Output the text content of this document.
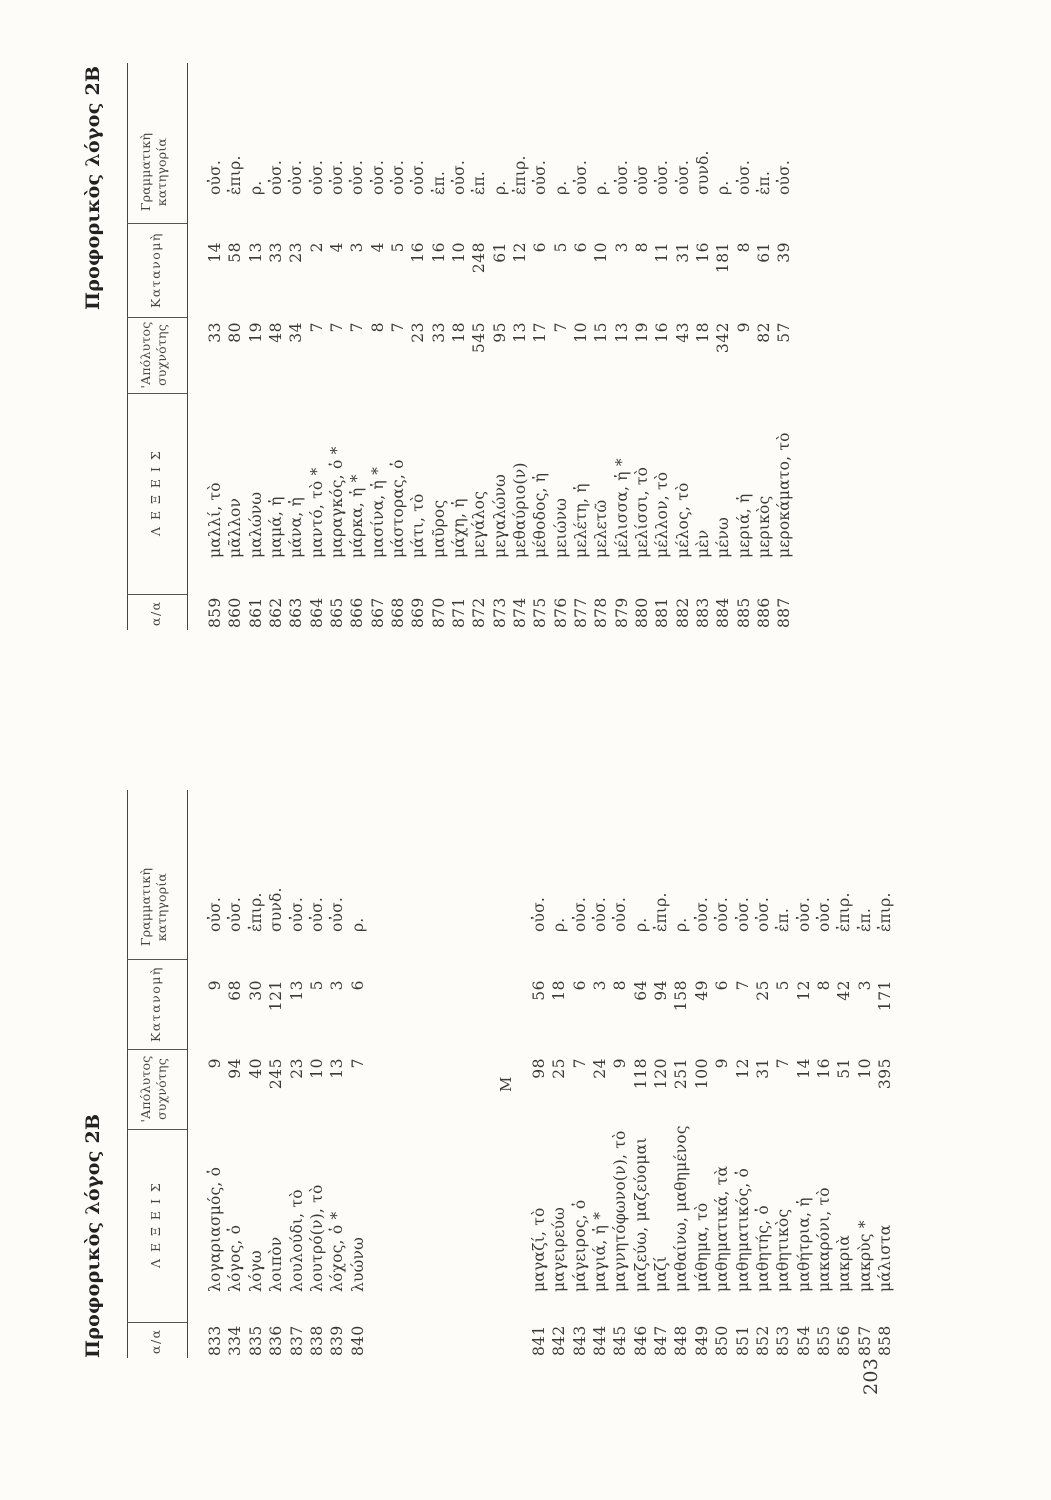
Προφορικὸς λόγος 2Β	α/α
Λ Ε Ξ Ε Ι Σ
'Απόλυτος συχνότης
Κατανομὴ
Γραμματικὴ κατηγορία
833
λογαριασμός, ὁ
9
9
οὐσ.
334
λόγος, ὁ
94
68
οὐσ.
835
λόγω
40
30
ἐπιρ.
836
λοιπὸν
245
121
συνδ.
837
λουλούδι, τὸ
23
13
οὐσ.
838
λουτρό(ν), τὸ
10
5
οὐσ.
839
λόχος, ὁ *
13
3
οὐσ.
840
λυώνω
7
6
ρ.
Μ
841
μαγαζί, τὸ
98
56
οὐσ.
842
μαγειρεύω
25
18
ρ.
843
μάγειρος, ὁ
7
6
οὐσ.
844
μαγιά, ἡ *
24
3
οὐσ.
845
μαγνητόφωνο(ν), τὸ
9
8
οὐσ.
846
μαζεύω, μαζεύομαι
118
64
ρ.
847
μαζί
120
94
ἐπιρ.
848
μαθαίνω, μαθημένος
251
158
ρ.
849
μάθημα, τὸ
100
49
οὐσ.
850
μαθηματικά, τὰ
9
6
οὐσ.
851
μαθηματικός, ὁ
12
7
οὐσ.
852
μαθητής, ὁ
31
25
οὐσ.
853
μαθητικὸς
7
5
ἐπ.
854
μαθήτρια, ἡ
14
12
οὐσ.
855
μακαρόνι, τὸ
16
8
οὐσ.
856
μακριὰ
51
42
ἐπιρ.
857
μακρὺς *
10
3
ἐπ.
858
μάλιστα
395
171
ἐπιρ.
Προφορικὸς λόγος 2Β
α/α
Λ Ε Ξ Ε Ι Σ
'Απόλυτος συχνότης
Κατανομὴ
Γραμματικὴ κατηγορία
859
μαλλί, τὸ
33
14
οὐσ.
860
μᾶλλον
80
58
ἐπιρ.
861
μαλώνω
19
13
ρ.
862
μαμά, ἡ
48
33
οὐσ.
863
μάνα, ἡ
34
23
οὐσ.
864
μαντό, τὸ *
7
2
οὐσ.
865
μαραγκός, ὁ *
7
4
οὐσ.
866
μάρκα, ἡ *
7
3
οὐσ.
867
μασίνα, ἡ *
8
4
οὐσ.
868
μάστορας, ὁ
7
5
οὐσ.
869
μάτι, τὸ
23
16
οὐσ.
870
μαῦρος
33
16
ἐπ.
871
μάχη, ἡ
18
10
οὐσ.
872
μεγάλος
545
248
ἐπ.
873
μεγαλώνω
95
61
ρ.
874
μεθαύριο(ν)
13
12
ἐπιρ.
875
μέθοδος, ἡ
17
6
οὐσ.
876
μειώνω
7
5
ρ.
877
μελέτη, ἡ
10
6
οὐσ.
878
μελετῶ
15
10
ρ.
879
μέλισσα, ἡ *
13
3
οὐσ.
880
μελίσσι, τὸ
19
8
οὐσ
881
μέλλον, τὸ
16
11
οὐσ.
882
μέλος, τὸ
43
31
οὐσ.
883
μὲν
18
16
συνδ.
884
μένω
342
181
ρ.
885
μεριά, ἡ
9
8
οὐσ.
886
μερικὸς
82
61
ἐπ.
887
μεροκάματο, τὸ
57
39
οὐσ.
203
